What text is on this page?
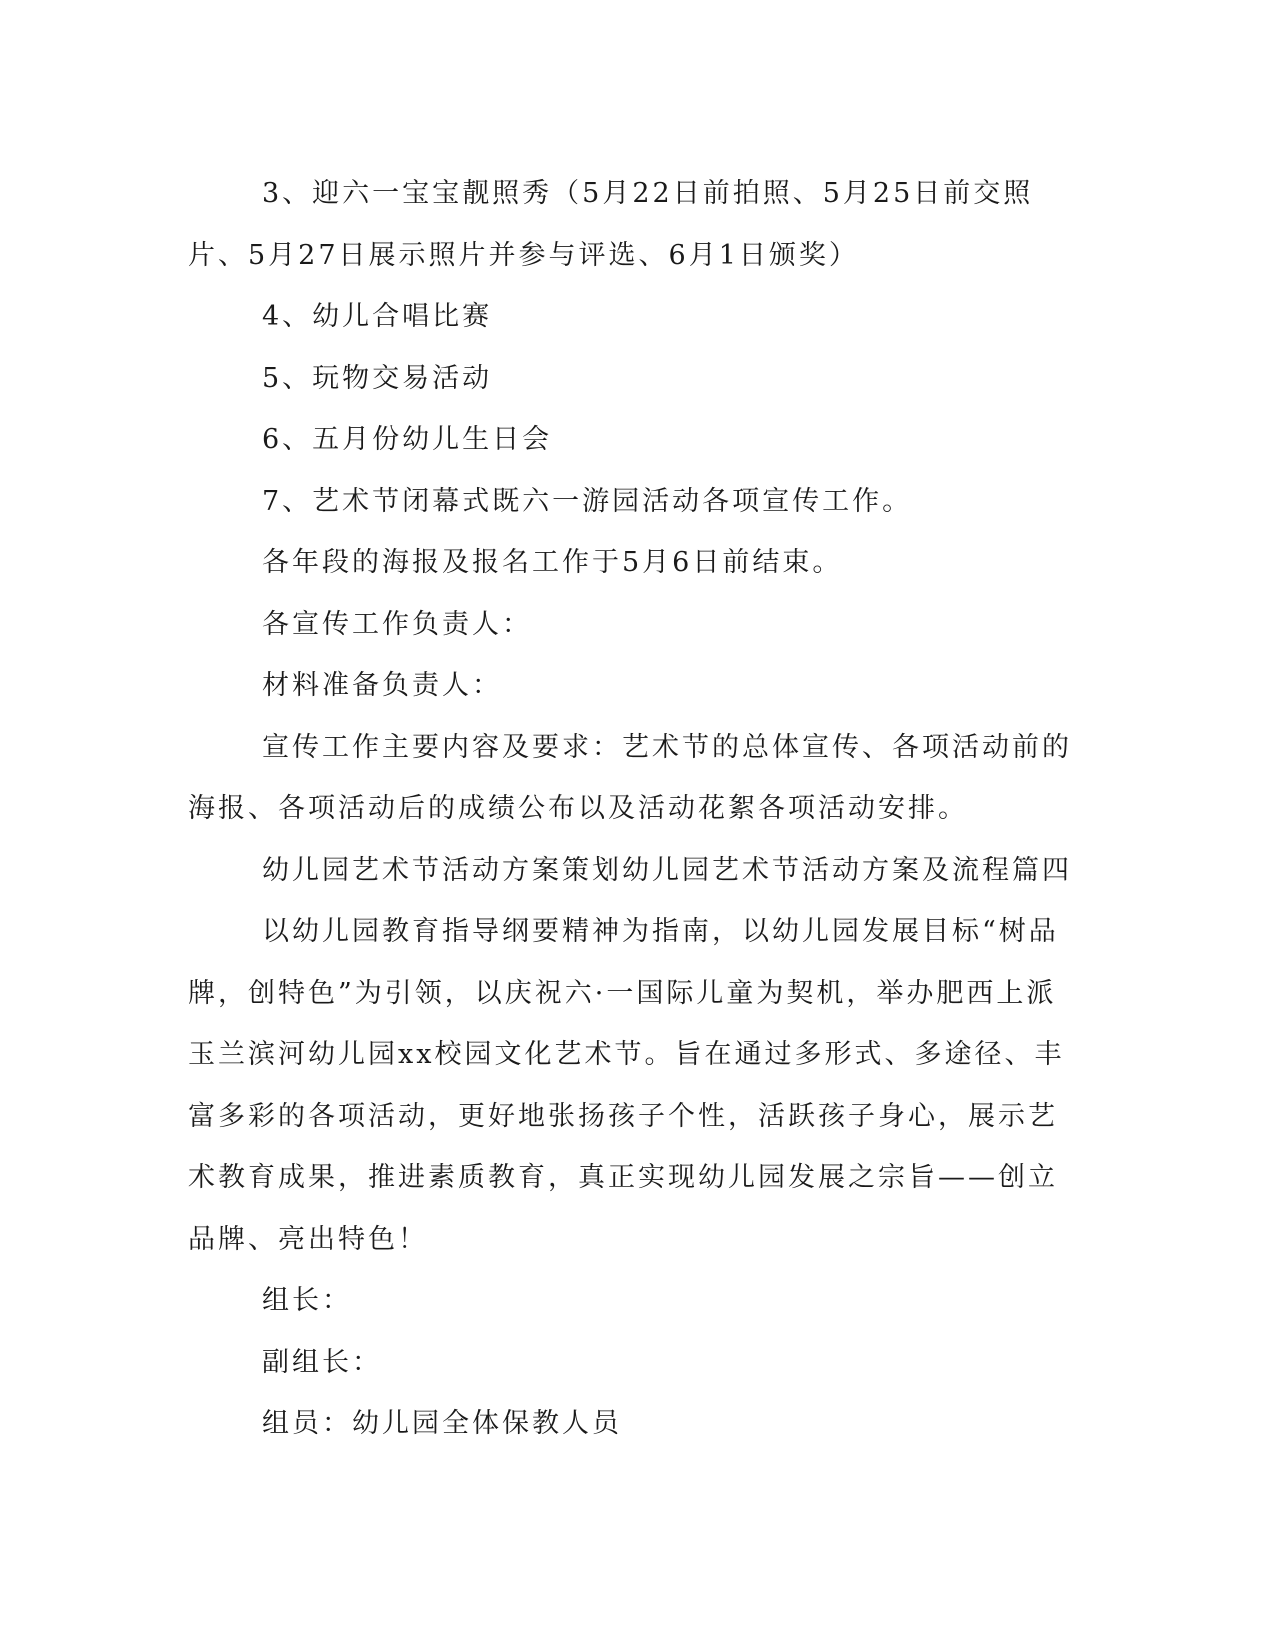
3、迎六一宝宝靓照秀（5月22日前拍照、5月25日前交照片、5月27日展示照片并参与评选、6月1日颁奖）

4、幼儿合唱比赛

5、玩物交易活动

6、五月份幼儿生日会

7、艺术节闭幕式既六一游园活动各项宣传工作。

各年段的海报及报名工作于5月6日前结束。

各宣传工作负责人：

材料准备负责人：

宣传工作主要内容及要求：艺术节的总体宣传、各项活动前的海报、各项活动后的成绩公布以及活动花絮各项活动安排。

幼儿园艺术节活动方案策划幼儿园艺术节活动方案及流程篇四

以幼儿园教育指导纲要精神为指南，以幼儿园发展目标“树品牌，创特色”为引领，以庆祝六·一国际儿童为契机，举办肥西上派玉兰滨河幼儿园xx校园文化艺术节。旨在通过多形式、多途径、丰富多彩的各项活动，更好地张扬孩子个性，活跃孩子身心，展示艺术教育成果，推进素质教育，真正实现幼儿园发展之宗旨——创立品牌、亮出特色！

组长：

副组长：

组员：幼儿园全体保教人员
